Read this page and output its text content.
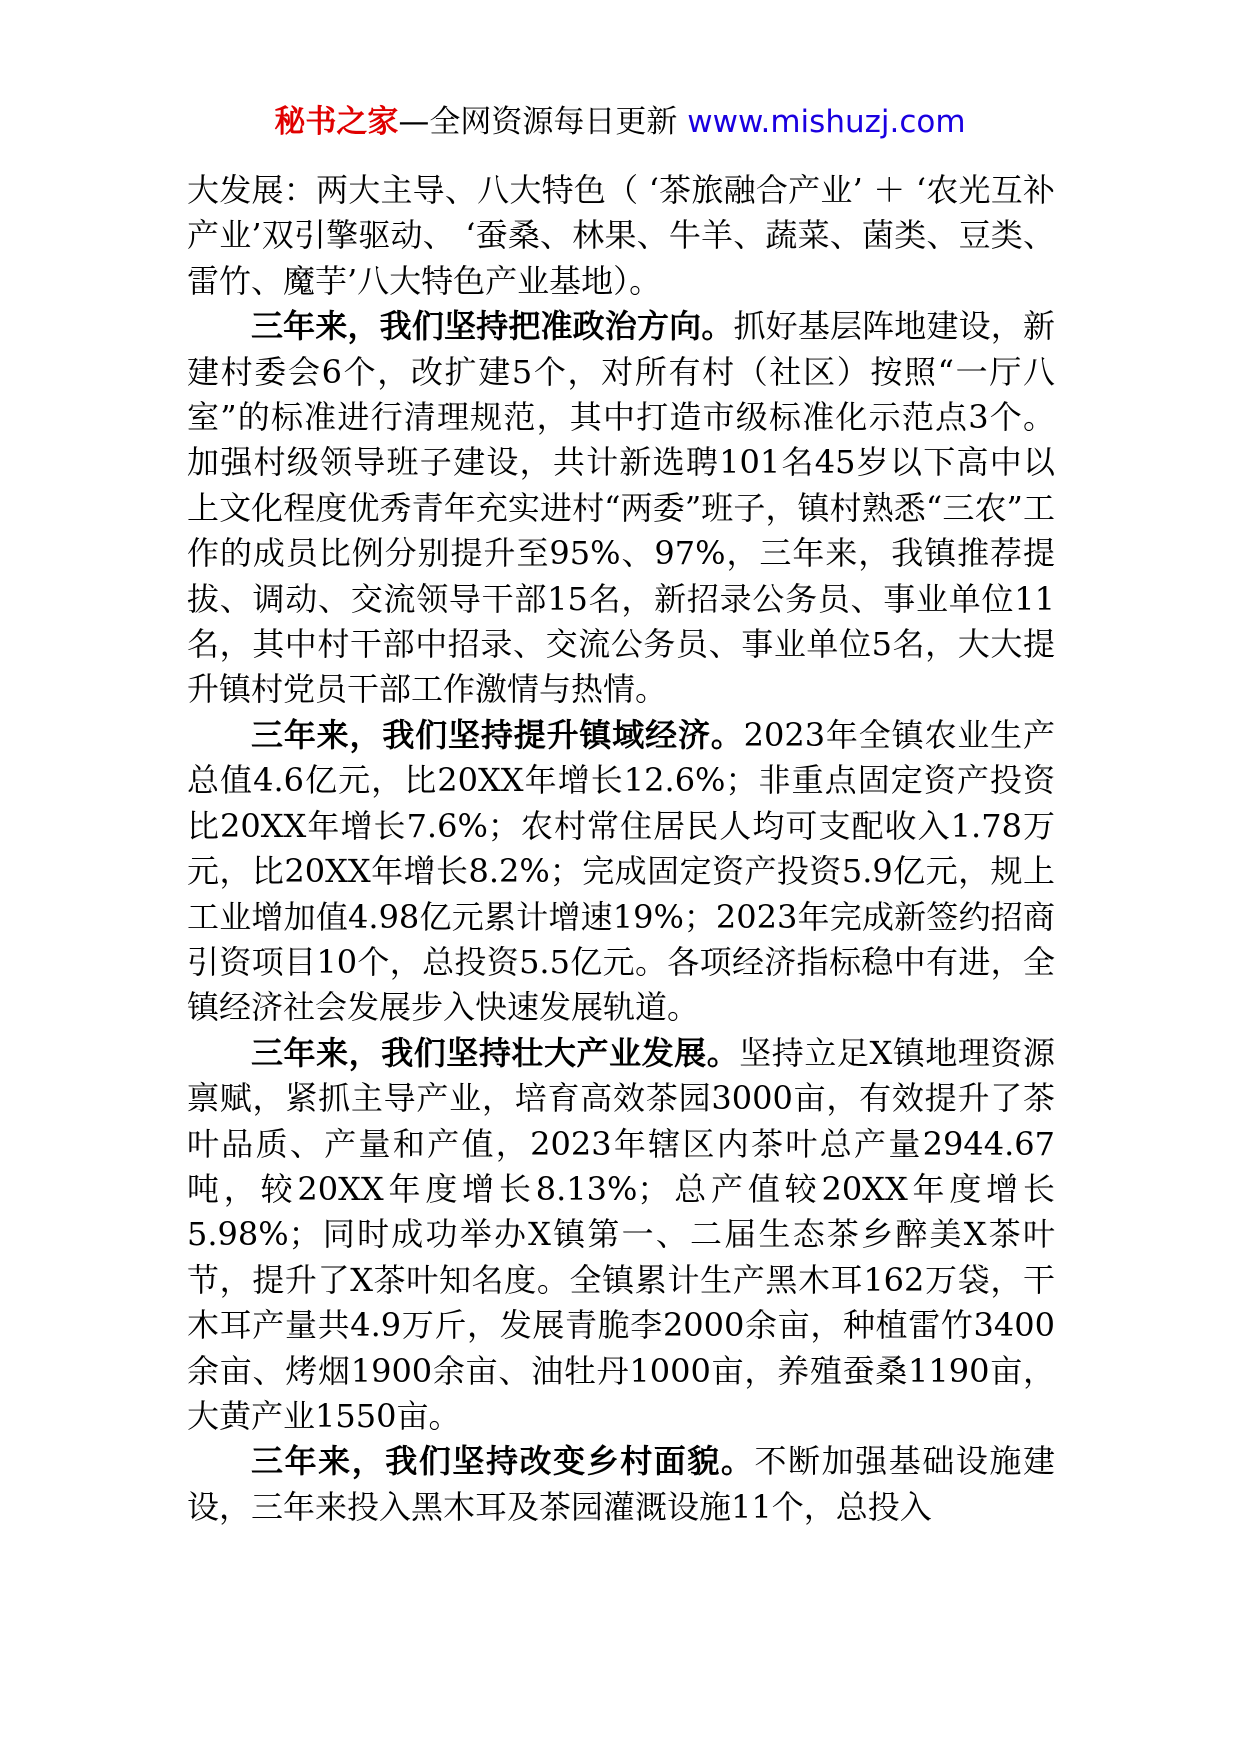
秘书之家—全网资源每日更新 www.mishuzj.com

大发展：两大主导、八大特色（ ‘茶旅融合产业’ ＋ ‘农光互补产业’双引擎驱动、 ‘蚕桑、林果、牛羊、蔬菜、菌类、豆类、雷竹、魔芋’八大特色产业基地）。

三年来，我们坚持把准政治方向。抓好基层阵地建设，新建村委会6个，改扩建5个，对所有村（社区）按照“一厅八室”的标准进行清理规范，其中打造市级标准化示范点3个。加强村级领导班子建设，共计新选聘101名45岁以下高中以上文化程度优秀青年充实进村“两委”班子，镇村熟悉“三农”工作的成员比例分别提升至95%、97%，三年来，我镇推荐提拔、调动、交流领导干部15名，新招录公务员、事业单位11名，其中村干部中招录、交流公务员、事业单位5名，大大提升镇村党员干部工作激情与热情。

三年来，我们坚持提升镇域经济。2023年全镇农业生产总值4.6亿元，比20XX年增长12.6%；非重点固定资产投资比20XX年增长7.6%；农村常住居民人均可支配收入1.78万元，比20XX年增长8.2%；完成固定资产投资5.9亿元，规上工业增加值4.98亿元累计增速19%；2023年完成新签约招商引资项目10个，总投资5.5亿元。各项经济指标稳中有进，全镇经济社会发展步入快速发展轨道。

三年来，我们坚持壮大产业发展。坚持立足X镇地理资源禀赋，紧抓主导产业，培育高效茶园3000亩，有效提升了茶叶品质、产量和产值，2023年辖区内茶叶总产量2944.67吨，较20XX年度增长8.13%；总产值较20XX年度增长5.98%；同时成功举办X镇第一、二届生态茶乡醉美X茶叶节，提升了X茶叶知名度。全镇累计生产黑木耳162万袋，干木耳产量共4.9万斤，发展青脆李2000余亩，种植雷竹3400余亩、烤烟1900余亩、油牡丹1000亩，养殖蚕桑1190亩，大黄产业1550亩。

三年来，我们坚持改变乡村面貌。不断加强基础设施建设，三年来投入黑木耳及茶园灌溉设施11个，总投入
